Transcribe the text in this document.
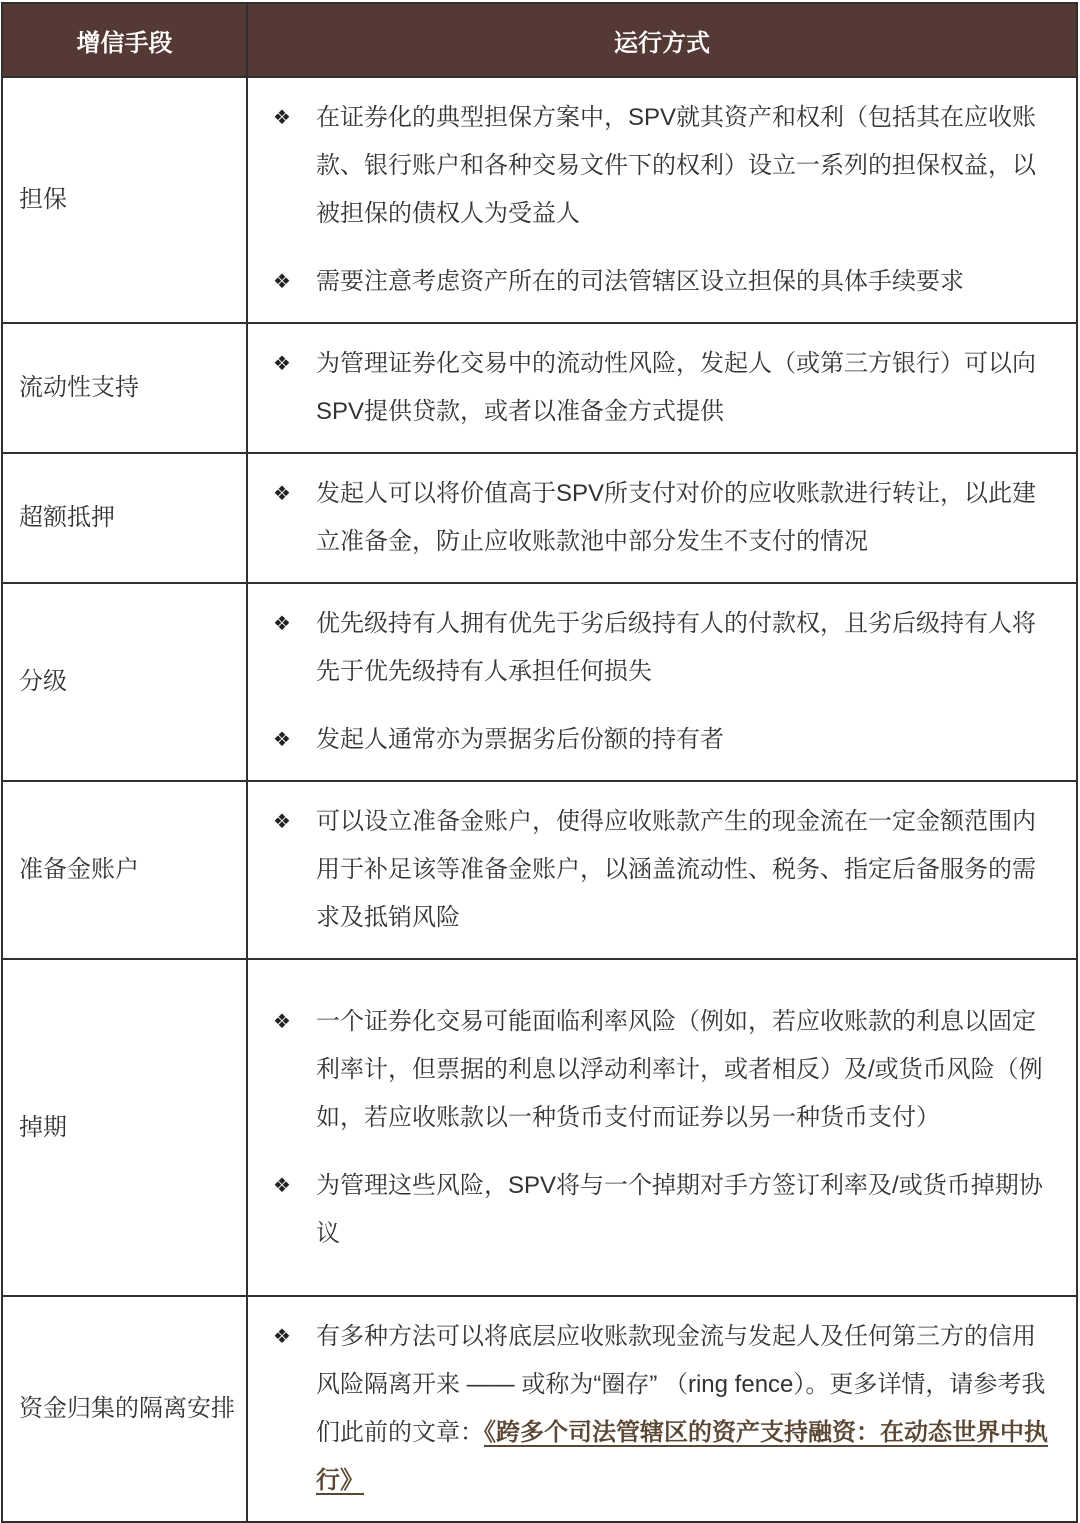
增信手段	运行方式
担保	❖ 在证券化的典型担保方案中，SPV就其资产和权利（包括其在应收账款、银行账户和各种交易文件下的权利）设立一系列的担保权益，以被担保的债权人为受益人
❖ 需要注意考虑资产所在的司法管辖区设立担保的具体手续要求

流动性支持	❖ 为管理证券化交易中的流动性风险，发起人（或第三方银行）可以向SPV提供贷款，或者以准备金方式提供

超额抵押	❖ 发起人可以将价值高于SPV所支付对价的应收账款进行转让，以此建立准备金，防止应收账款池中部分发生不支付的情况

分级	❖ 优先级持有人拥有优先于劣后级持有人的付款权，且劣后级持有人将先于优先级持有人承担任何损失
❖ 发起人通常亦为票据劣后份额的持有者

准备金账户	❖ 可以设立准备金账户，使得应收账款产生的现金流在一定金额范围内用于补足该等准备金账户，以涵盖流动性、税务、指定后备服务的需求及抵销风险

掉期	❖ 一个证券化交易可能面临利率风险（例如，若应收账款的利息以固定利率计，但票据的利息以浮动利率计，或者相反）及/或货币风险（例如，若应收账款以一种货币支付而证券以另一种货币支付）
❖ 为管理这些风险，SPV将与一个掉期对手方签订利率及/或货币掉期协议

资金归集的隔离安排	❖ 有多种方法可以将底层应收账款现金流与发起人及任何第三方的信用风险隔离开来 —— 或称为“圈存” （ring fence）。更多详情，请参考我们此前的文章：《跨多个司法管辖区的资产支持融资：在动态世界中执行》
